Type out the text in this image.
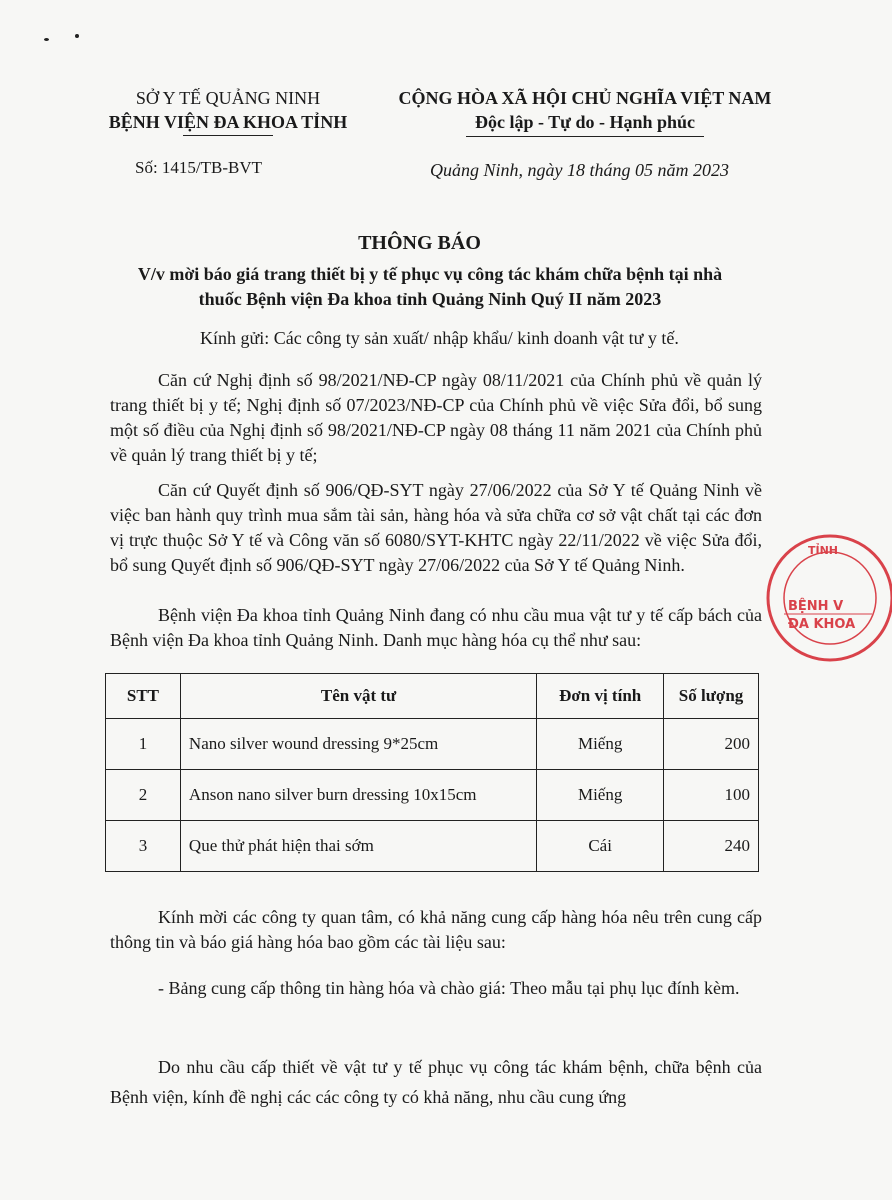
SỞ Y TẾ QUẢNG NINH
BỆNH VIỆN ĐA KHOA TỈNH
CỘNG HÒA XÃ HỘI CHỦ NGHĨA VIỆT NAM
Độc lập - Tự do - Hạnh phúc
Số: 1415/TB-BVT	Quảng Ninh, ngày 18 tháng 05 năm 2023
THÔNG BÁO
V/v mời báo giá trang thiết bị y tế phục vụ công tác khám chữa bệnh tại nhà thuốc Bệnh viện Đa khoa tỉnh Quảng Ninh Quý II năm 2023
Kính gửi: Các công ty sản xuất/ nhập khẩu/ kinh doanh vật tư y tế.
Căn cứ Nghị định số 98/2021/NĐ-CP ngày 08/11/2021 của Chính phủ về quản lý trang thiết bị y tế; Nghị định số 07/2023/NĐ-CP của Chính phủ về việc Sửa đổi, bổ sung một số điều của Nghị định số 98/2021/NĐ-CP ngày 08 tháng 11 năm 2021 của Chính phủ về quản lý trang thiết bị y tế;
Căn cứ Quyết định số 906/QĐ-SYT ngày 27/06/2022 của Sở Y tế Quảng Ninh về việc ban hành quy trình mua sắm tài sản, hàng hóa và sửa chữa cơ sở vật chất tại các đơn vị trực thuộc Sở Y tế và Công văn số 6080/SYT-KHTC ngày 22/11/2022 về việc Sửa đổi, bổ sung Quyết định số 906/QĐ-SYT ngày 27/06/2022 của Sở Y tế Quảng Ninh.
Bệnh viện Đa khoa tỉnh Quảng Ninh đang có nhu cầu mua vật tư y tế cấp bách của Bệnh viện Đa khoa tỉnh Quảng Ninh. Danh mục hàng hóa cụ thể như sau:
STT	Tên vật tư	Đơn vị tính	Số lượng
1	Nano silver wound dressing 9*25cm	Miếng	200
2	Anson nano silver burn dressing 10x15cm	Miếng	100
3	Que thử phát hiện thai sớm	Cái	240
Kính mời các công ty quan tâm, có khả năng cung cấp hàng hóa nêu trên cung cấp thông tin và báo giá hàng hóa bao gồm các tài liệu sau:
- Bảng cung cấp thông tin hàng hóa và chào giá: Theo mẫu tại phụ lục đính kèm.
Do nhu cầu cấp thiết về vật tư y tế phục vụ công tác khám bệnh, chữa bệnh của Bệnh viện, kính đề nghị các các công ty có khả năng, nhu cầu cung ứng
TỈNH
BỆNH V
ĐA KHOA
